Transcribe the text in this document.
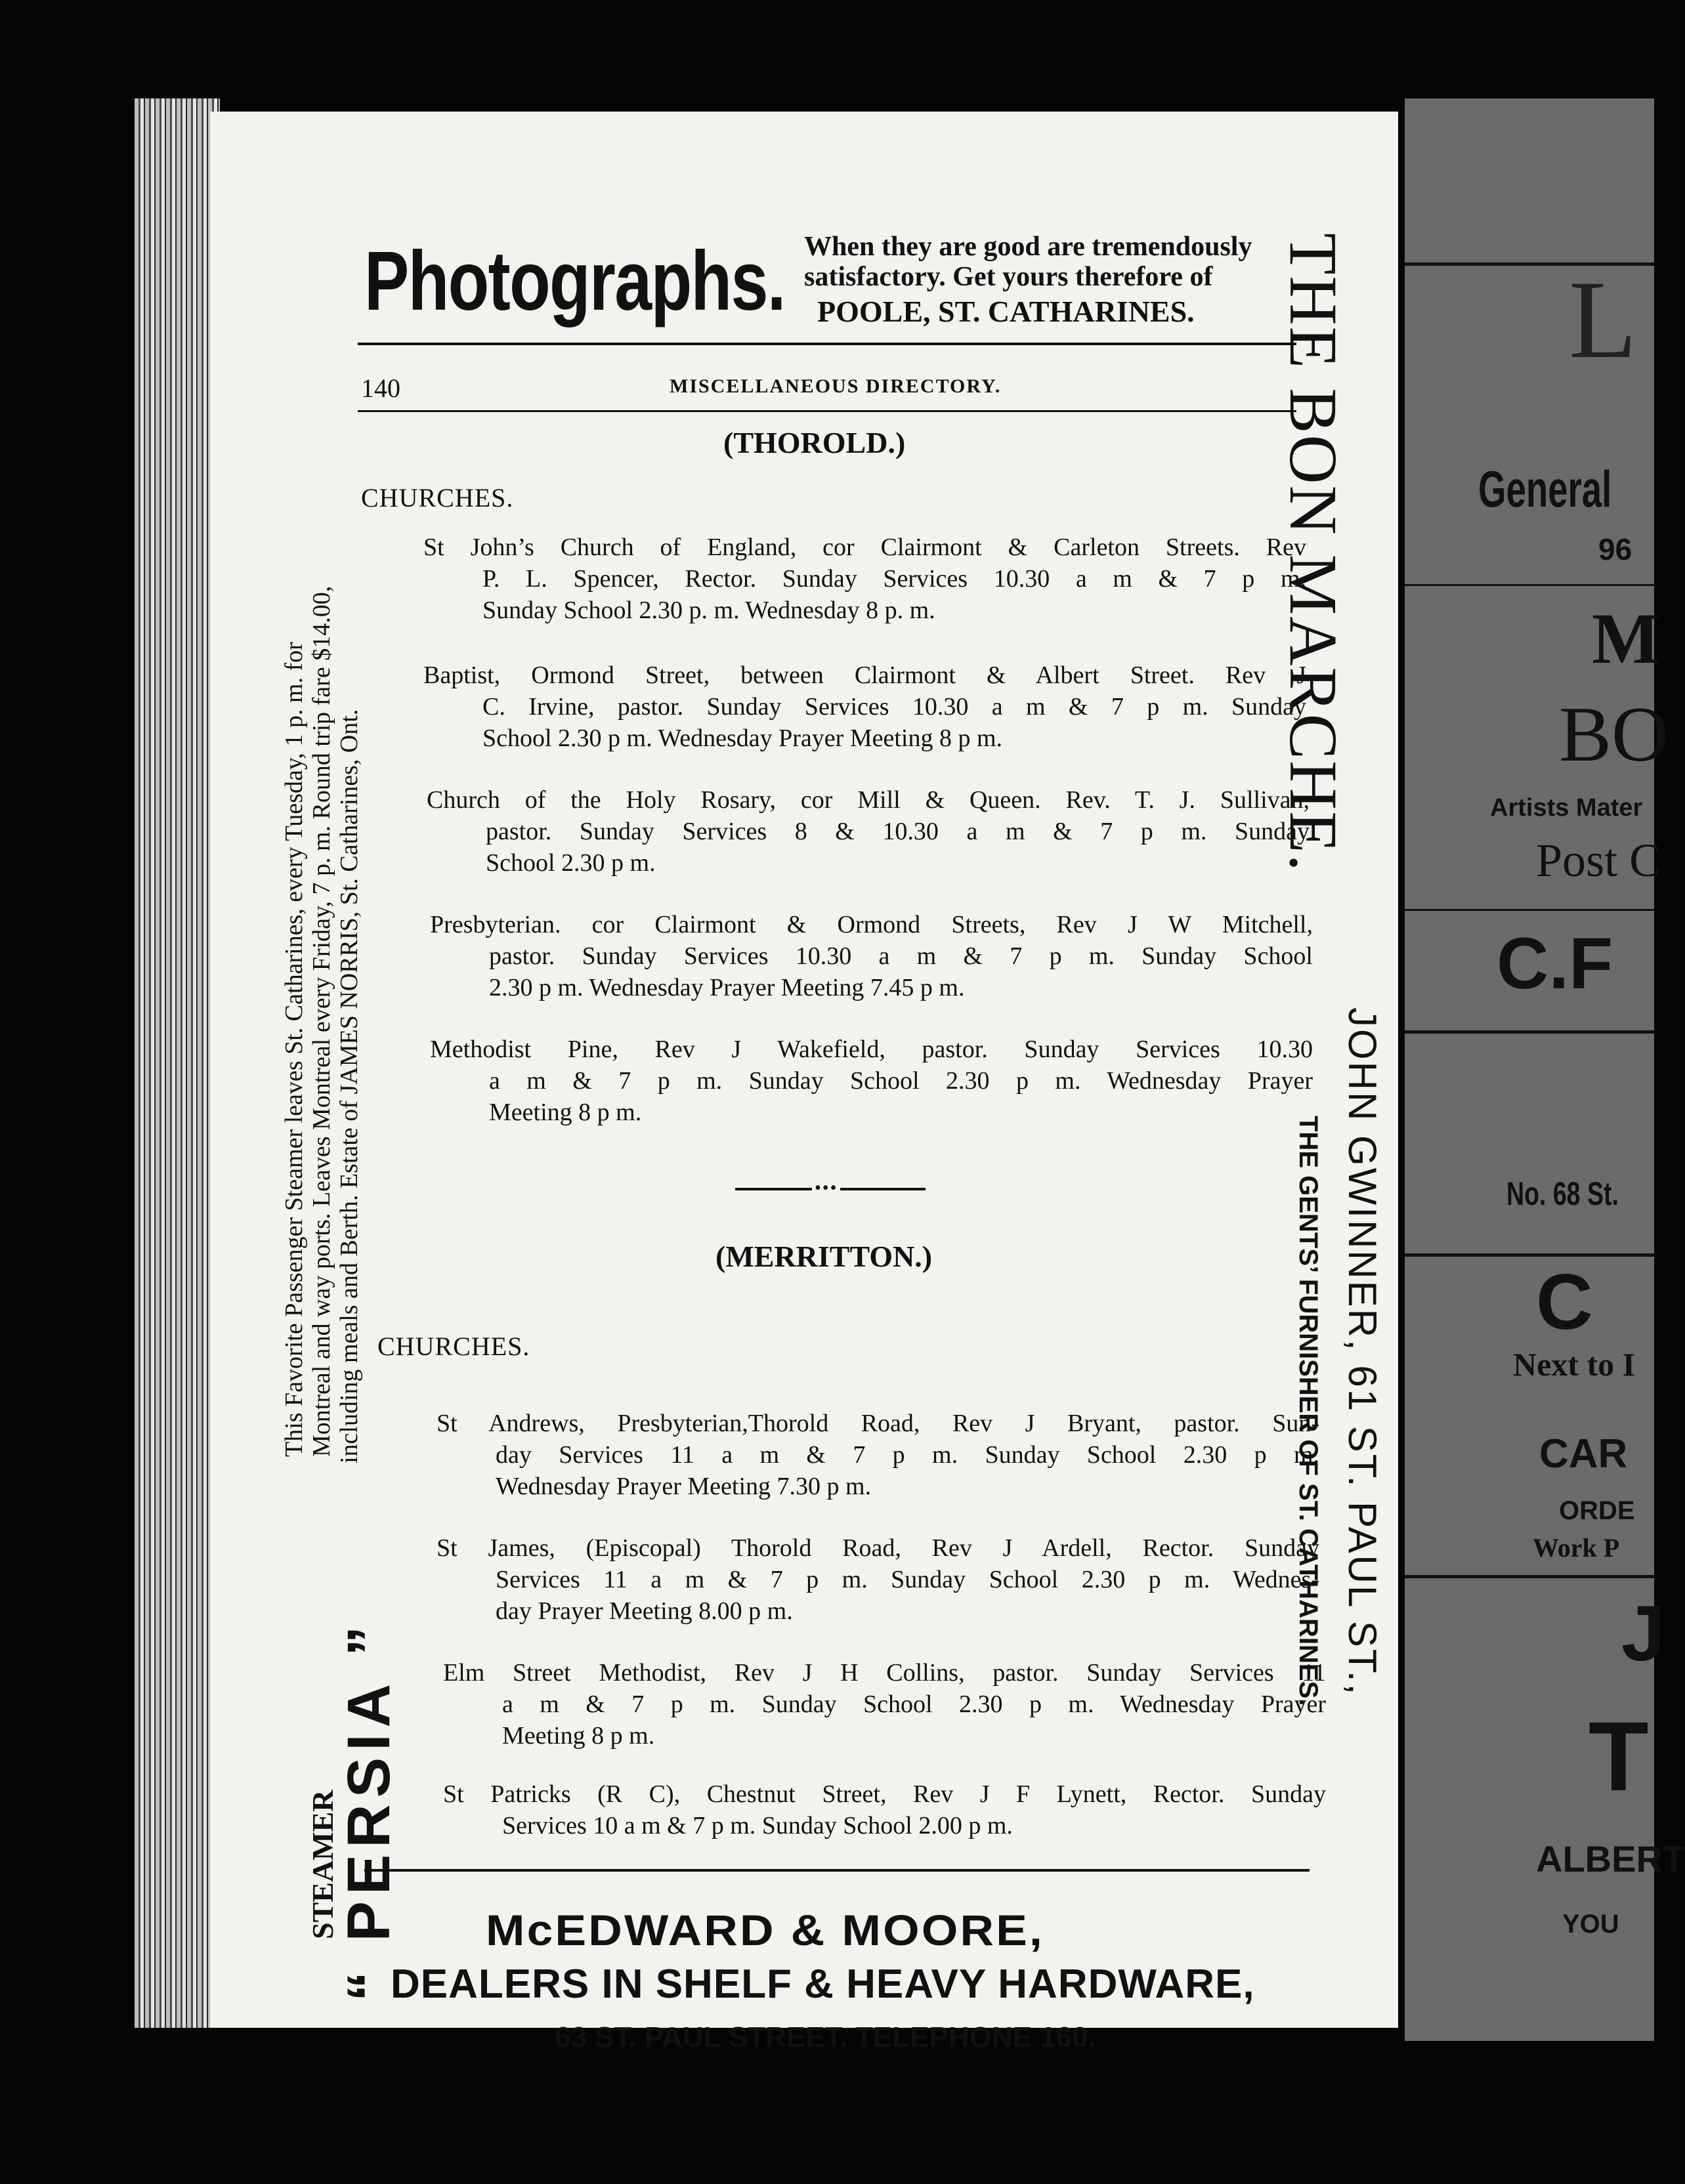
L
General
96
M
BO
Artists Mater
Post C
C.F
No. 68 St.
C
Next to I
CAR
ORDE
Work P
J
T
ALBERT
YOU
Photographs. When they are good are tremendously
satisfactory. Get yours therefore of
POOLE, ST. CATHARINES.
140	MISCELLANEOUS DIRECTORY.
(THOROLD.)
CHURCHES.
St John’s Church of England, cor Clairmont & Carleton Streets. Rev
P. L. Spencer, Rector. Sunday Services 10.30 a m & 7 p m.
Sunday School 2.30 p. m. Wednesday 8 p. m.
Baptist, Ormond Street, between Clairmont & Albert Street. Rev J
C. Irvine, pastor. Sunday Services 10.30 a m & 7 p m. Sunday
School 2.30 p m. Wednesday Prayer Meeting 8 p m.
Church of the Holy Rosary, cor Mill & Queen. Rev. T. J. Sullivan,
pastor. Sunday Services 8 & 10.30 a m & 7 p m. Sunday
School 2.30 p m.
Presbyterian. cor Clairmont & Ormond Streets, Rev J W Mitchell,
pastor. Sunday Services 10.30 a m & 7 p m. Sunday School
2.30 p m. Wednesday Prayer Meeting 7.45 p m.
Methodist Pine, Rev J Wakefield, pastor. Sunday Services 10.30
a m & 7 p m. Sunday School 2.30 p m. Wednesday Prayer
Meeting 8 p m.
•••
(MERRITTON.)
CHURCHES.
St Andrews, Presbyterian,Thorold Road, Rev J Bryant, pastor. Sun-
day Services 11 a m & 7 p m. Sunday School 2.30 p m.
Wednesday Prayer Meeting 7.30 p m.
St James, (Episcopal) Thorold Road, Rev J Ardell, Rector. Sunday
Services 11 a m & 7 p m. Sunday School 2.30 p m. Wednes-
day Prayer Meeting 8.00 p m.
Elm Street Methodist, Rev J H Collins, pastor. Sunday Services 11
a m & 7 p m. Sunday School 2.30 p m. Wednesday Prayer
Meeting 8 p m.
St Patricks (R C), Chestnut Street, Rev J F Lynett, Rector. Sunday
Services 10 a m & 7 p m. Sunday School 2.00 p m.
McEDWARD & MOORE,
DEALERS IN SHELF & HEAVY HARDWARE,
63 ST. PAUL STREET. TELEPHONE 160.
STEAMER
“ PERSIA ”
This Favorite Passenger Steamer leaves St. Catharines, every Tuesday, 1 p. m. for Montreal and way ports. Leaves Montreal every Friday, 7 p. m. Round trip fare $14.00, including meals and Berth. Estate of JAMES NORRIS, St. Catharines, Ont.
THE BON MARCHE.
JOHN GWINNER, 61 ST. PAUL ST.,
THE GENTS’ FURNISHER OF ST. CATHARINES.
